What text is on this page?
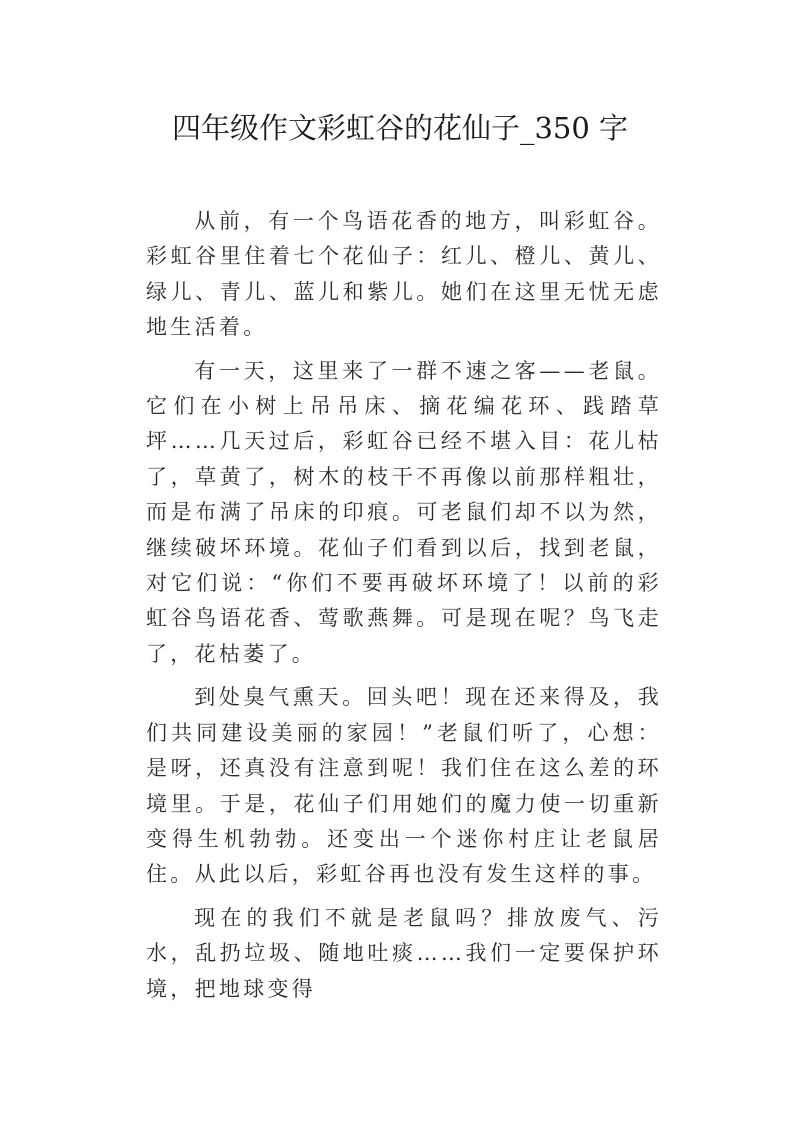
四年级作文彩虹谷的花仙子_350 字

从前，有一个鸟语花香的地方，叫彩虹谷。彩虹谷里住着七个花仙子：红儿、橙儿、黄儿、绿儿、青儿、蓝儿和紫儿。她们在这里无忧无虑地生活着。

有一天，这里来了一群不速之客——老鼠。它们在小树上吊吊床、摘花编花环、践踏草坪……几天过后，彩虹谷已经不堪入目：花儿枯了，草黄了，树木的枝干不再像以前那样粗壮，而是布满了吊床的印痕。可老鼠们却不以为然，继续破坏环境。花仙子们看到以后，找到老鼠，对它们说：“你们不要再破坏环境了！以前的彩虹谷鸟语花香、莺歌燕舞。可是现在呢？鸟飞走了，花枯萎了。

到处臭气熏天。回头吧！现在还来得及，我们共同建设美丽的家园！”老鼠们听了，心想：是呀，还真没有注意到呢！我们住在这么差的环境里。于是，花仙子们用她们的魔力使一切重新变得生机勃勃。还变出一个迷你村庄让老鼠居住。从此以后，彩虹谷再也没有发生这样的事。

现在的我们不就是老鼠吗？排放废气、污水，乱扔垃圾、随地吐痰……我们一定要保护环境，把地球变得
